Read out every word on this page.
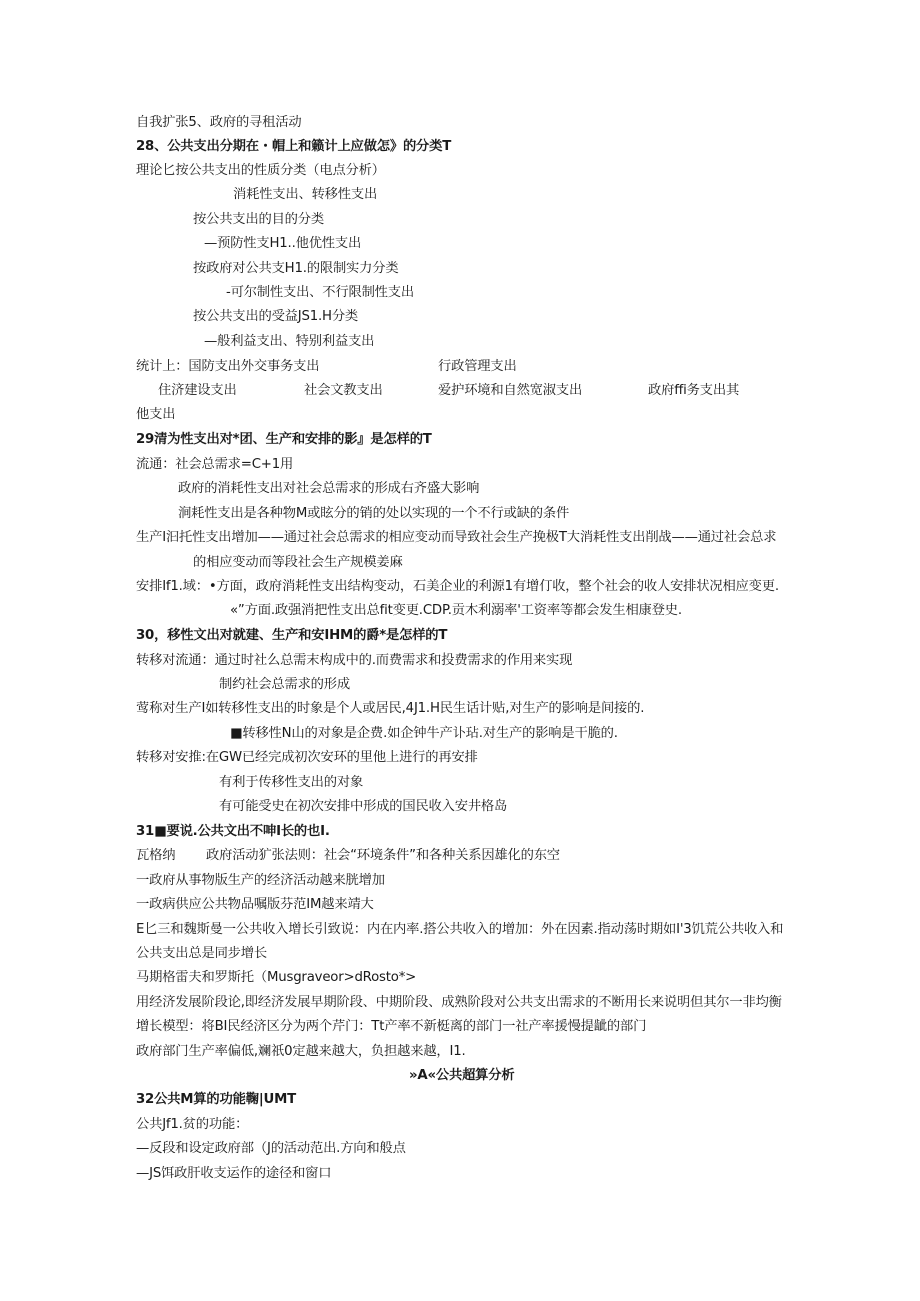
自我扩张5、政府的寻租活动
28、公共支出分期在・帽上和籁计上应做怎》的分类T
理论匕按公共支出的性质分类（电点分析）
消耗性支出、转移性支出
按公共支出的目的分类
—预防性支H1..他优性支出
按政府对公共支H1.的限制实力分类
-可尔制性支出、不行限制性支出
按公共支出的受益JS1.H分类
—般利益支出、特别利益支出
统计上：国防支出外交事务支出	行政管理支出
住济建设支出	社会文教支出	爱护环境和自然宽淑支出	政府ffi务支出其
他支出
29清为性支出对*团、生产和安排的影』是怎样的T
流通：社会总需求=C+1用
政府的消耗性支出对社会总需求的形成右齐盛大影响
涧耗性支出是各种物M或眩分的销的处以实现的一个不行或缺的条件
生产I汩托性支出增加——通过社会总需求的相应变动而导致社会生产挽极T大消耗性支出削战——通过社会总求
的相应变动而等段社会生产规模姜麻
安排If1.域：•方面，政府消耗性支出结构变动，石美企业的利源1有增仃收，整个社会的收人安排状况相应变更.
«”方面.政强消把性支出总fit变更.CDP.贡木利溺率'工资率等都会发生相康登史.
30，移性文出对就建、生产和安IHM的爵*是怎样的T
转移对流通：通过时社么总需末构成中的.而费需求和投费需求的作用来实现
制约社会总需求的形成
莺称对生产I如转移性支出的时象是个人或居民,4J1.H民生话计贴,对生产的影响是间接的.
■转移性N山的对象是企费.如企钟牛产讣玷.对生产的影响是干脆的.
转移对安推:在GW已经完成初次安环的里他上进行的再安排
有利于传移性支出的对象
有可能受史在初次安排中形成的国民收入安井格岛
31■要说.公共文出不呻I长的也I.
瓦格纳 政府活动犷张法则：社会“环境条件”和各种关系因雄化的东空
一政府从事物版生产的经济活动越来胱增加
一政病供应公共物品嘱版芬范IM越来靖大
E匕三和魏斯曼一公共收入增长引致说：内在内率.搭公共收入的增加：外在因素.指动荡时期如I'3饥荒公共收入和
公共支出总是同步增长
马期格雷夫和罗斯托（Musgraveor>dRosto*>
用经济发展阶段论,即经济发展早期阶段、中期阶段、成熟阶段对公共支出需求的不断用长来说明但其尔一非均衡
增长模型：将BI民经济区分为两个芹门：Tt产率不新梃离的部门一社产率援慢提龇的部门
政府部门生产率偏低,斓祇0定越来越大，负担越来越，I1.
»A«公共超算分析
32公共M算的功能鞠|UMT
公共Jf1.贫的功能：
—反段和设定政府部（J的活动范出.方向和般点
—JS饵政肝收支运作的途径和窗口
